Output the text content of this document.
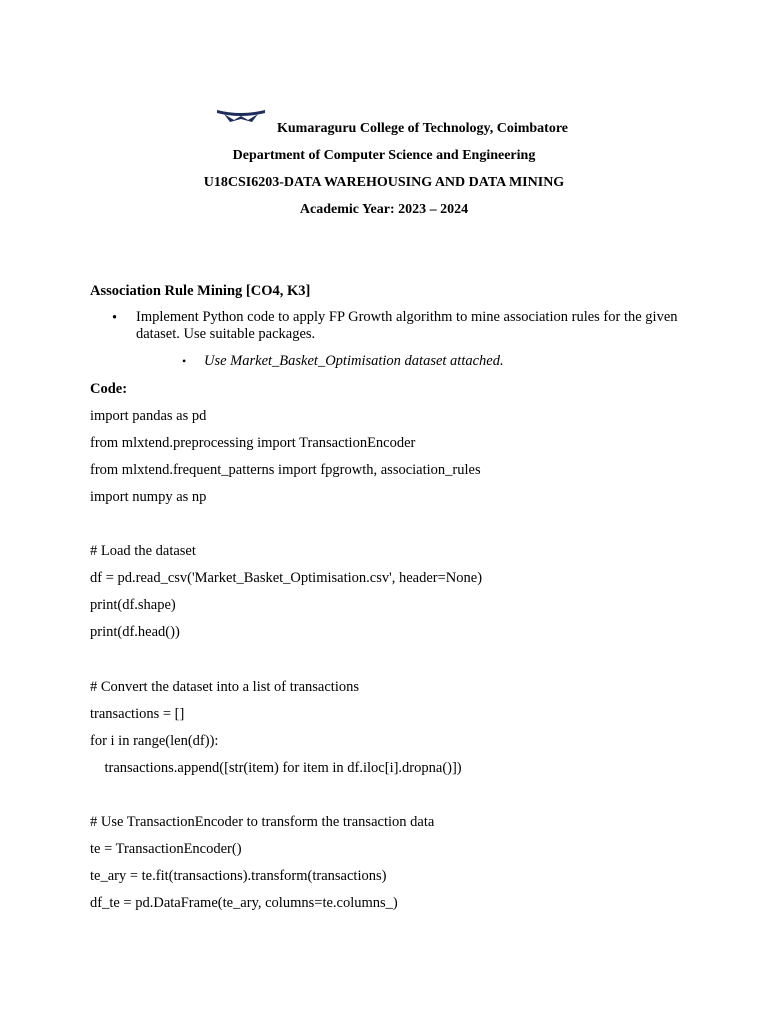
Kumaraguru College of Technology, Coimbatore
Department of Computer Science and Engineering
U18CSI6203-DATA WAREHOUSING AND DATA MINING
Academic Year: 2023 – 2024
Association Rule Mining [CO4, K3]
• Implement Python code to apply FP Growth algorithm to mine association rules for the given dataset. Use suitable packages.
• Use Market_Basket_Optimisation dataset attached.
Code:
import pandas as pd
from mlxtend.preprocessing import TransactionEncoder
from mlxtend.frequent_patterns import fpgrowth, association_rules
import numpy as np
# Load the dataset
df = pd.read_csv('Market_Basket_Optimisation.csv', header=None)
print(df.shape)
print(df.head())
# Convert the dataset into a list of transactions
transactions = []
for i in range(len(df)):
transactions.append([str(item) for item in df.iloc[i].dropna()])
# Use TransactionEncoder to transform the transaction data
te = TransactionEncoder()
te_ary = te.fit(transactions).transform(transactions)
df_te = pd.DataFrame(te_ary, columns=te.columns_)
